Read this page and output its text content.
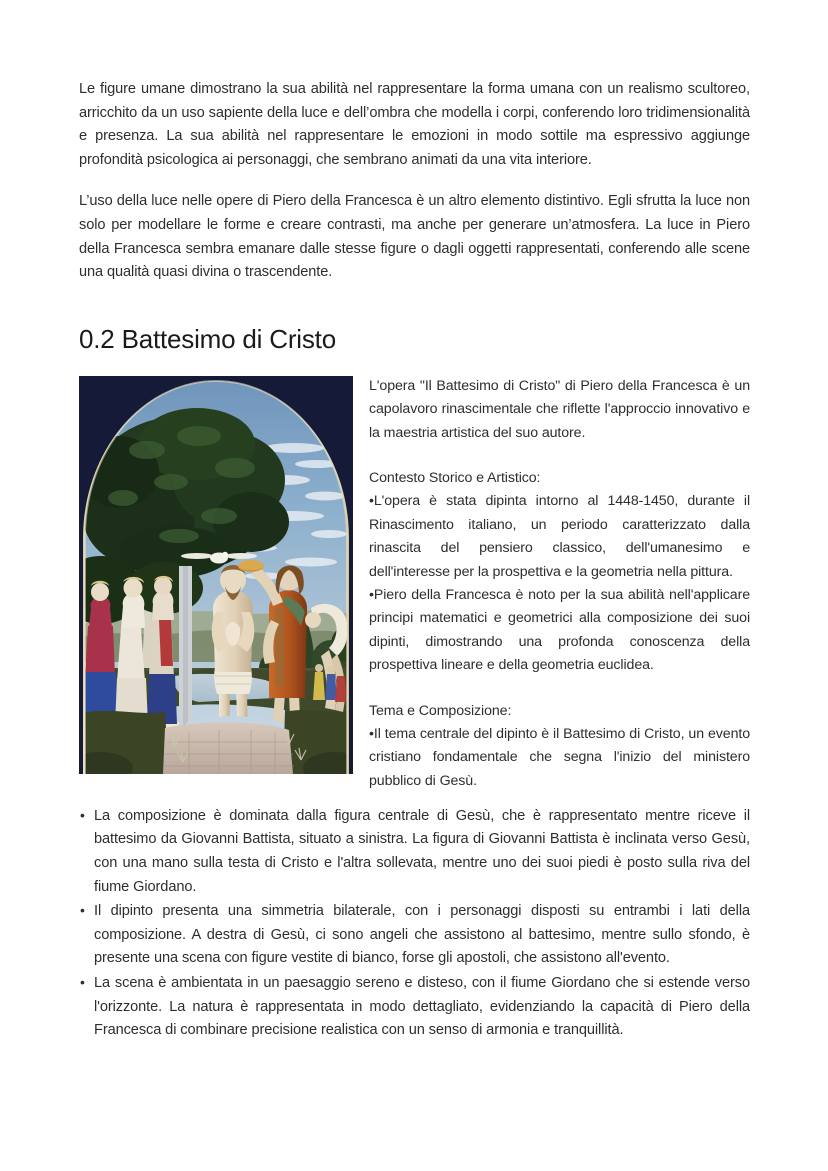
Le figure umane dimostrano la sua abilità nel rappresentare la forma umana con un realismo scultoreo, arricchito da un uso sapiente della luce e dell’ombra che modella i corpi, conferendo loro tridimensionalità e presenza. La sua abilità nel rappresentare le emozioni in modo sottile ma espressivo aggiunge profondità psicologica ai personaggi, che sembrano animati da una vita interiore.

L’uso della luce nelle opere di Piero della Francesca è un altro elemento distintivo. Egli sfrutta la luce non solo per modellare le forme e creare contrasti, ma anche per generare un’atmosfera. La luce in Piero della Francesca sembra emanare dalle stesse figure o dagli oggetti rappresentati, conferendo alle scene una qualità quasi divina o trascendente.

0.2 Battesimo di Cristo

L'opera "Il Battesimo di Cristo" di Piero della Francesca è un capolavoro rinascimentale che riflette l'approccio innovativo e la maestria artistica del suo autore.

Contesto Storico e Artistico:

•L'opera è stata dipinta intorno al 1448-1450, durante il Rinascimento italiano, un periodo caratterizzato dalla rinascita del pensiero classico, dell'umanesimo e dell'interesse per la prospettiva e la geometria nella pittura.

•Piero della Francesca è noto per la sua abilità nell'applicare principi matematici e geometrici alla composizione dei suoi dipinti, dimostrando una profonda conoscenza della prospettiva lineare e della geometria euclidea.

Tema e Composizione:

•Il tema centrale del dipinto è il Battesimo di Cristo, un evento cristiano fondamentale che segna l'inizio del ministero pubblico di Gesù.

• La composizione è dominata dalla figura centrale di Gesù, che è rappresentato mentre riceve il battesimo da Giovanni Battista, situato a sinistra. La figura di Giovanni Battista è inclinata verso Gesù, con una mano sulla testa di Cristo e l'altra sollevata, mentre uno dei suoi piedi è posto sulla riva del fiume Giordano.
• Il dipinto presenta una simmetria bilaterale, con i personaggi disposti su entrambi i lati della composizione. A destra di Gesù, ci sono angeli che assistono al battesimo, mentre sullo sfondo, è presente una scena con figure vestite di bianco, forse gli apostoli, che assistono all'evento.
• La scena è ambientata in un paesaggio sereno e disteso, con il fiume Giordano che si estende verso l'orizzonte. La natura è rappresentata in modo dettagliato, evidenziando la capacità di Piero della Francesca di combinare precisione realistica con un senso di armonia e tranquillità.
